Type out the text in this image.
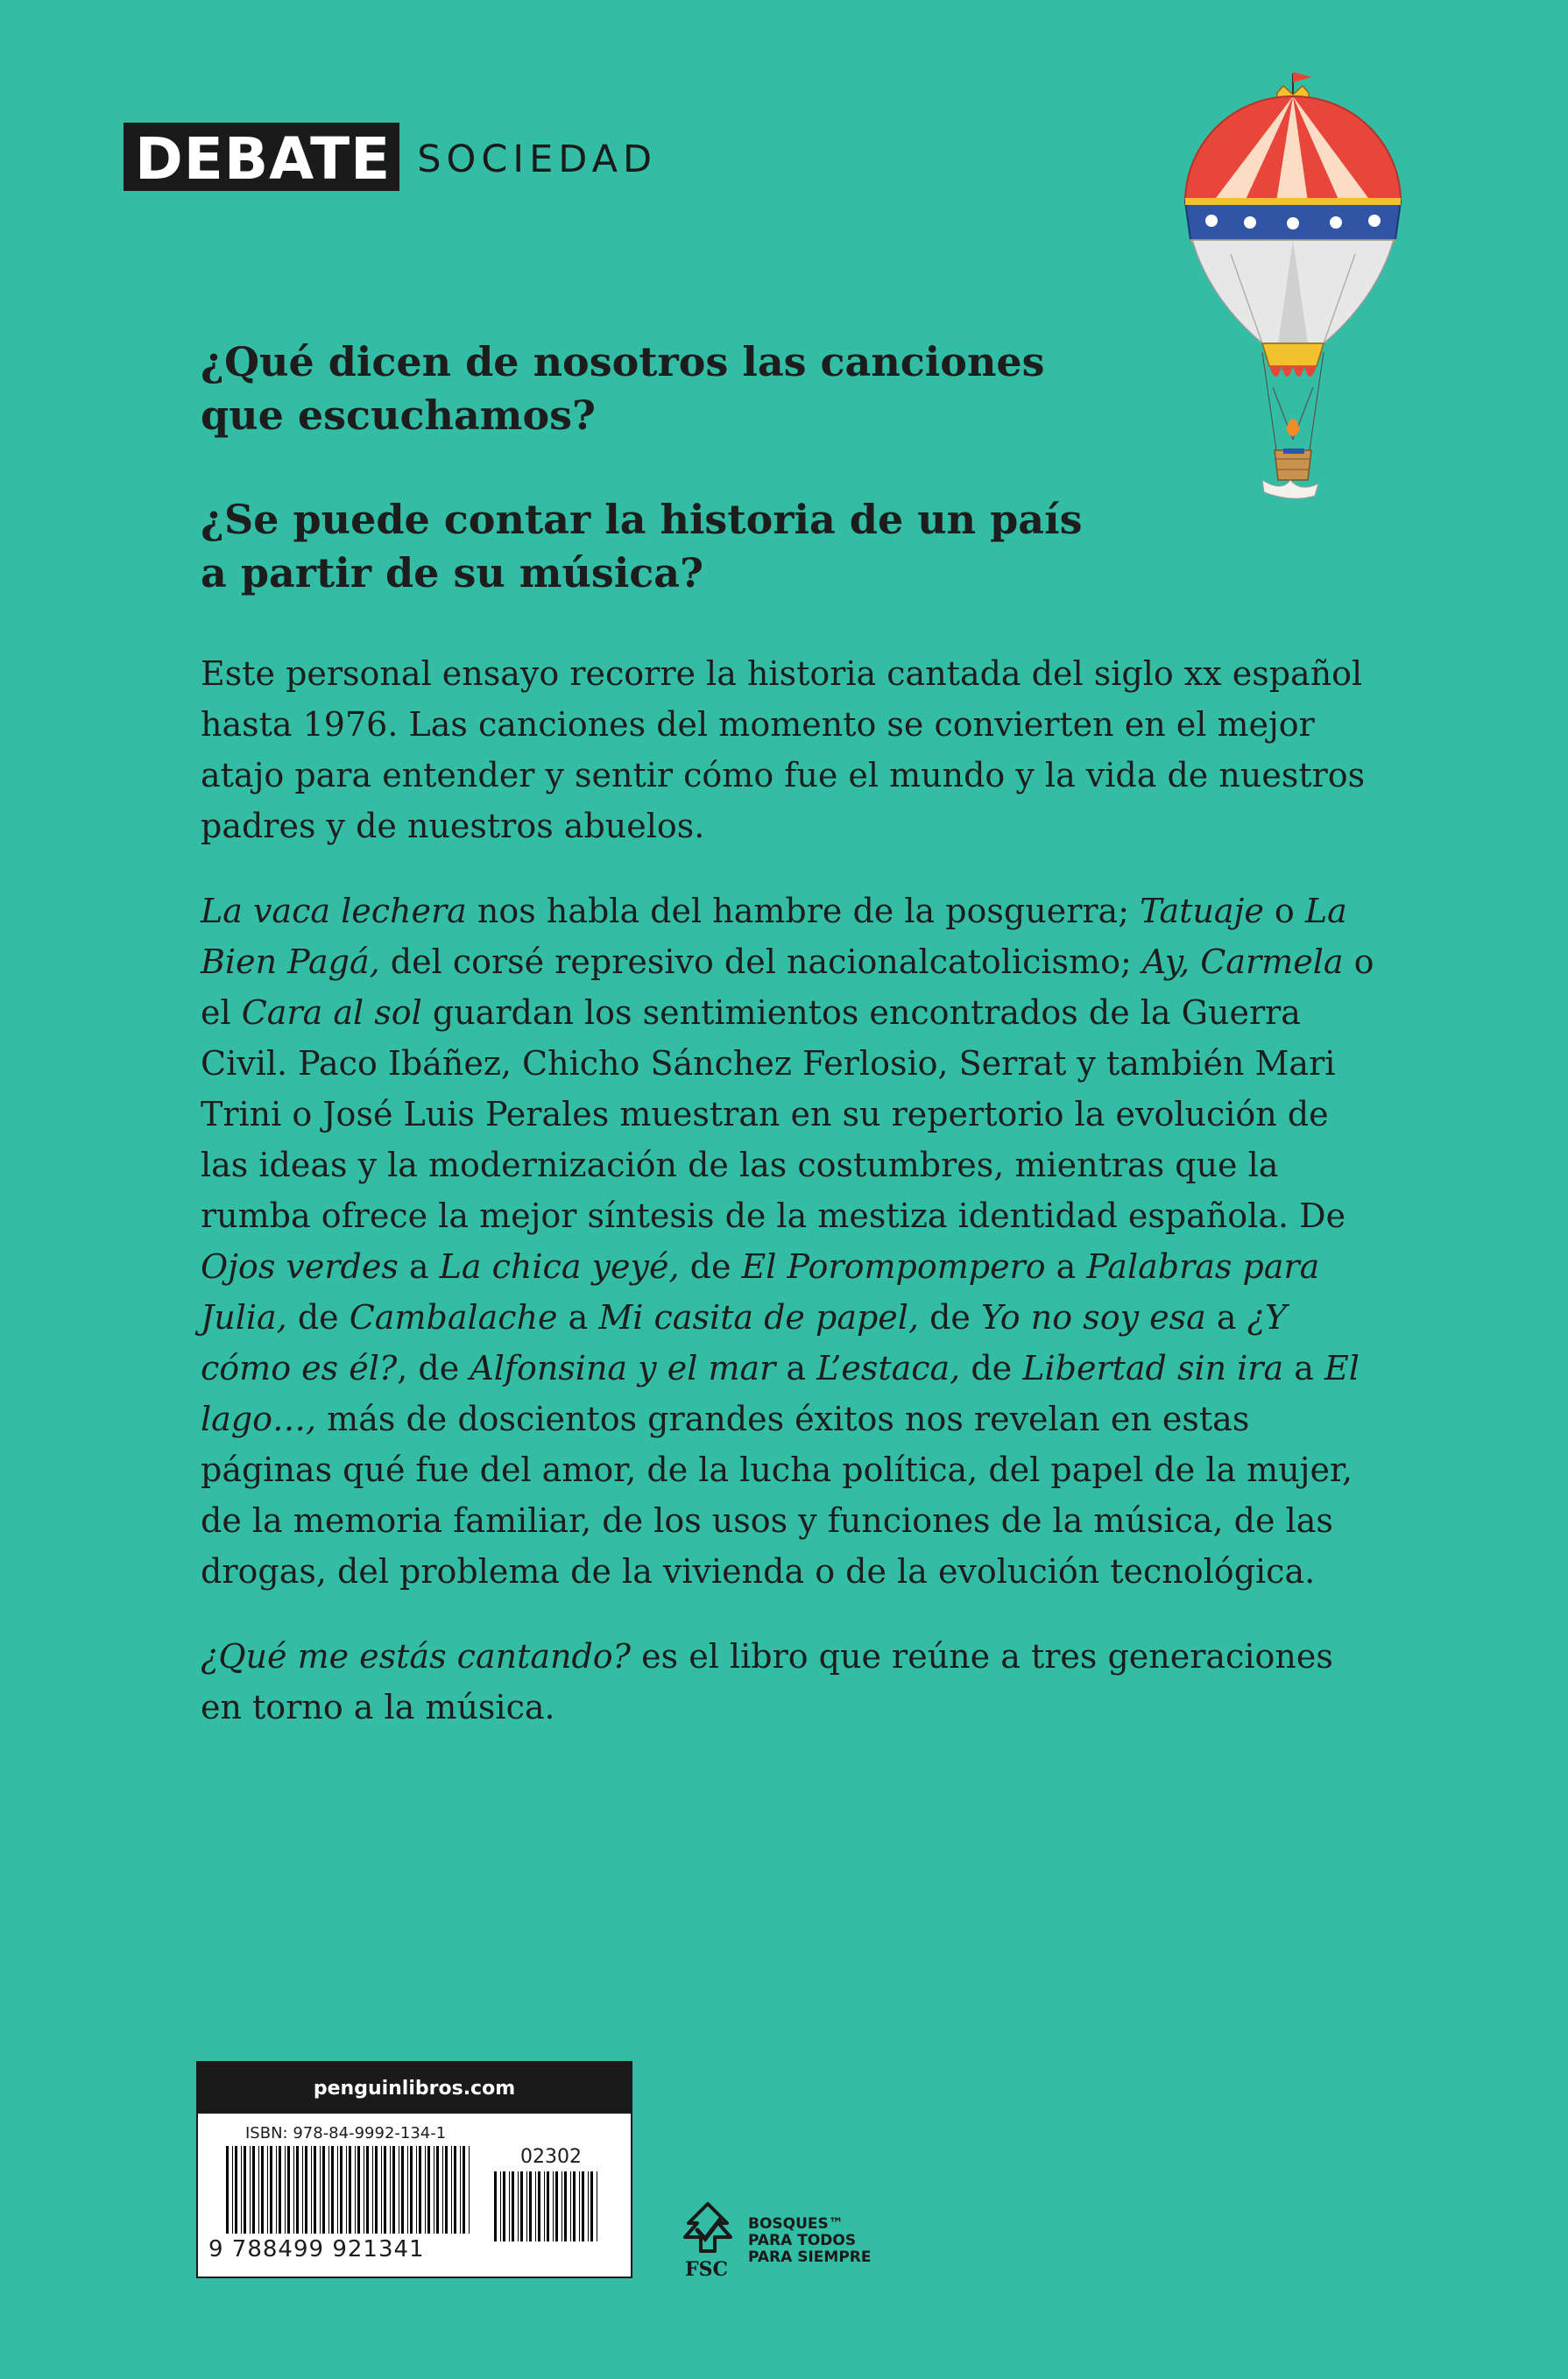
DEBATE SOCIEDAD
¿Qué dicen de nosotros las canciones
que escuchamos?
¿Se puede contar la historia de un país
a partir de su música?

Este personal ensayo recorre la historia cantada del siglo xx español hasta 1976. Las canciones del momento se convierten en el mejor atajo para entender y sentir cómo fue el mundo y la vida de nuestros padres y de nuestros abuelos.

La vaca lechera nos habla del hambre de la posguerra; Tatuaje o La Bien Pagá, del corsé represivo del nacionalcatolicismo; Ay, Carmela o el Cara al sol guardan los sentimientos encontrados de la Guerra Civil. Paco Ibáñez, Chicho Sánchez Ferlosio, Serrat y también Mari Trini o José Luis Perales muestran en su repertorio la evolución de las ideas y la modernización de las costumbres, mientras que la rumba ofrece la mejor síntesis de la mestiza identidad española. De Ojos verdes a La chica yeyé, de El Porompompero a Palabras para Julia, de Cambalache a Mi casita de papel, de Yo no soy esa a ¿Y cómo es él?, de Alfonsina y el mar a L’estaca, de Libertad sin ira a El lago…, más de doscientos grandes éxitos nos revelan en estas páginas qué fue del amor, de la lucha política, del papel de la mujer, de la memoria familiar, de los usos y funciones de la música, de las drogas, del problema de la vivienda o de la evolución tecnológica.

¿Qué me estás cantando? es el libro que reúne a tres generaciones en torno a la música.

penguinlibros.com
ISBN: 978-84-9992-134-1
02302
9 788499 921341
FSC
BOSQUES™
PARA TODOS
PARA SIEMPRE
